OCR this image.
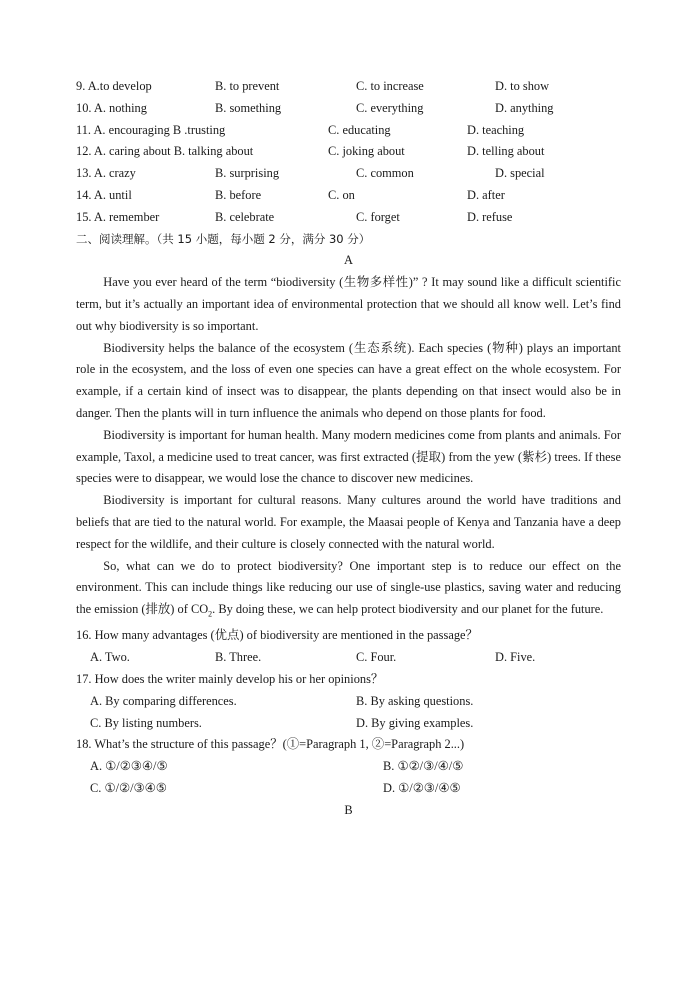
9. A.to develop	B. to prevent	C. to increase	D. to show
10. A. nothing	B. something	C. everything	D. anything
11. A. encouraging B .trusting	C. educating	D. teaching
12. A. caring about B. talking about	C. joking about	D. telling about
13. A. crazy	B. surprising	C. common	D. special
14. A. until	B. before	C. on	D. after
15. A. remember	B. celebrate	C. forget	D. refuse
二、阅读理解。（共 15 小题，每小题 2 分，满分 30 分）
A

Have you ever heard of the term “biodiversity (生物多样性)” ? It may sound like a difficult scientific term, but it’s actually an important idea of environmental protection that we should all know well. Let’s find out why biodiversity is so important.

Biodiversity helps the balance of the ecosystem (生态系统). Each species (物种) plays an important role in the ecosystem, and the loss of even one species can have a great effect on the whole ecosystem. For example, if a certain kind of insect was to disappear, the plants depending on that insect would also be in danger. Then the plants will in turn influence the animals who depend on those plants for food.

Biodiversity is important for human health. Many modern medicines come from plants and animals. For example, Taxol, a medicine used to treat cancer, was first extracted (提取) from the yew (紫杉) trees. If these species were to disappear, we would lose the chance to discover new medicines.

Biodiversity is important for cultural reasons. Many cultures around the world have traditions and beliefs that are tied to the natural world. For example, the Maasai people of Kenya and Tanzania have a deep respect for the wildlife, and their culture is closely connected with the natural world.

So, what can we do to protect biodiversity? One important step is to reduce our effect on the environment. This can include things like reducing our use of single-use plastics, saving water and reducing the emission (排放) of $CO_2$. By doing these, we can help protect biodiversity and our planet for the future.

16. How many advantages (优点) of biodiversity are mentioned in the passage？
A. Two.	B. Three.	C. Four.	D. Five.
17. How does the writer mainly develop his or her opinions？
A. By comparing differences.	B. By asking questions.
C. By listing numbers.	D. By giving examples.
18. What’s the structure of this passage？(①=Paragraph 1, ②=Paragraph 2...)
A. ①/②③④/⑤	B. ①②/③/④/⑤
C. ①/②/③④⑤	D. ①/②③/④⑤
B
